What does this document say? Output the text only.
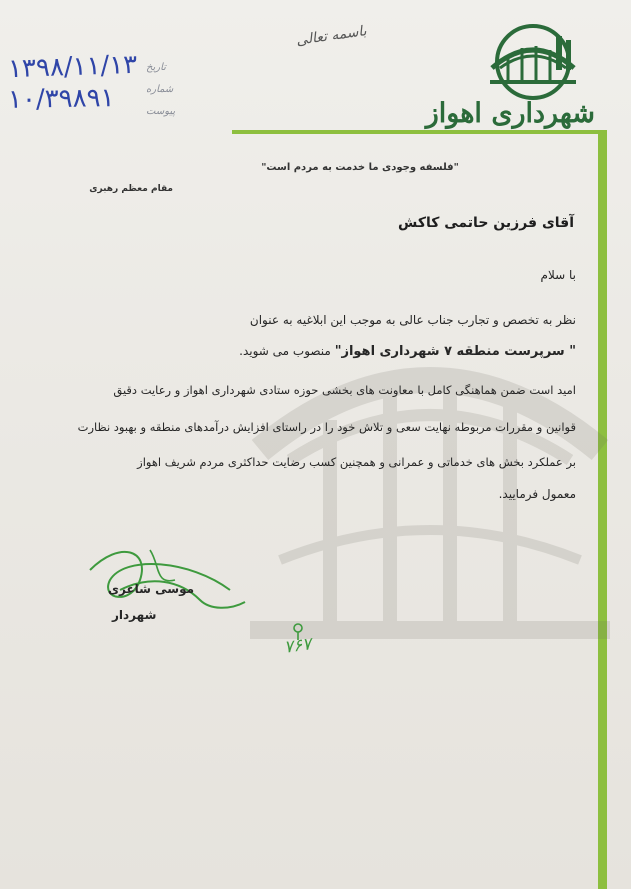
شهرداری اهواز
باسمه تعالی
۱۳۹۸/۱۱/۱۳
۱۰/۳۹۸۹۱
تاریخ
شماره
پیوست
"فلسفه وجودی ما خدمت به مردم است"
مقام معظم رهبری
آقای فرزین حاتمی کاکش
با سلام
نظر به تخصص و تجارب جناب عالی به موجب این ابلاغیه به عنوان
" سرپرست منطقه ۷ شهرداری اهواز" منصوب می شوید.
امید است ضمن هماهنگی کامل با معاونت های بخشی حوزه ستادی شهرداری اهواز و رعایت دقیق
قوانین و مقررات مربوطه نهایت سعی و تلاش خود را در راستای افزایش درآمدهای منطقه و بهبود نظارت
بر عملکرد بخش های خدماتی و عمرانی و همچنین کسب رضایت حداکثری مردم شریف اهواز
معمول فرمایید.
موسی شاعری
شهردار
۷۶۷
